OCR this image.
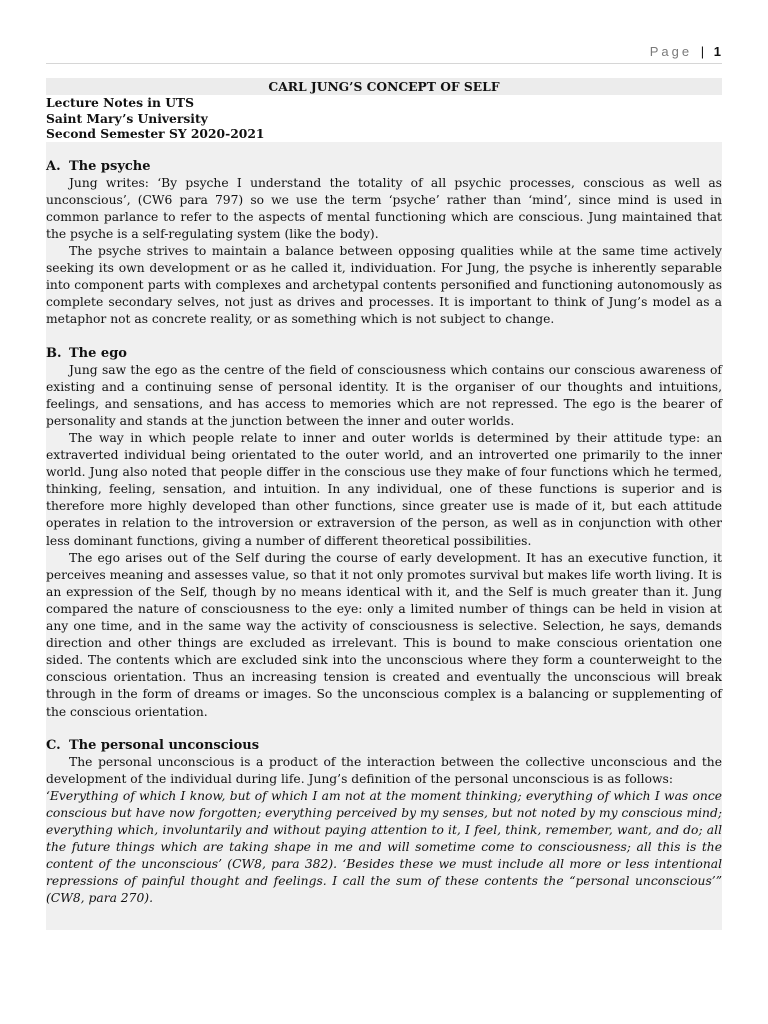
Page | 1
CARL JUNG’S CONCEPT OF SELF
Lecture Notes in UTS
Saint Mary’s University
Second Semester SY 2020-2021
A. The psyche

Jung writes: ‘By psyche I understand the totality of all psychic processes, conscious as well as unconscious’, (CW6 para 797) so we use the term ‘psyche’ rather than ‘mind’, since mind is used in common parlance to refer to the aspects of mental functioning which are conscious. Jung maintained that the psyche is a self-regulating system (like the body).

The psyche strives to maintain a balance between opposing qualities while at the same time actively seeking its own development or as he called it, individuation. For Jung, the psyche is inherently separable into component parts with complexes and archetypal contents personified and functioning autonomously as complete secondary selves, not just as drives and processes. It is important to think of Jung’s model as a metaphor not as concrete reality, or as something which is not subject to change.

B. The ego

Jung saw the ego as the centre of the field of consciousness which contains our conscious awareness of existing and a continuing sense of personal identity. It is the organiser of our thoughts and intuitions, feelings, and sensations, and has access to memories which are not repressed. The ego is the bearer of personality and stands at the junction between the inner and outer worlds.

The way in which people relate to inner and outer worlds is determined by their attitude type: an extraverted individual being orientated to the outer world, and an introverted one primarily to the inner world. Jung also noted that people differ in the conscious use they make of four functions which he termed, thinking, feeling, sensation, and intuition. In any individual, one of these functions is superior and is therefore more highly developed than other functions, since greater use is made of it, but each attitude operates in relation to the introversion or extraversion of the person, as well as in conjunction with other less dominant functions, giving a number of different theoretical possibilities.

The ego arises out of the Self during the course of early development. It has an executive function, it perceives meaning and assesses value, so that it not only promotes survival but makes life worth living. It is an expression of the Self, though by no means identical with it, and the Self is much greater than it. Jung compared the nature of consciousness to the eye: only a limited number of things can be held in vision at any one time, and in the same way the activity of consciousness is selective. Selection, he says, demands direction and other things are excluded as irrelevant. This is bound to make conscious orientation one sided. The contents which are excluded sink into the unconscious where they form a counterweight to the conscious orientation. Thus an increasing tension is created and eventually the unconscious will break through in the form of dreams or images. So the unconscious complex is a balancing or supplementing of the conscious orientation.

C. The personal unconscious

The personal unconscious is a product of the interaction between the collective unconscious and the development of the individual during life. Jung’s definition of the personal unconscious is as follows:

‘Everything of which I know, but of which I am not at the moment thinking; everything of which I was once conscious but have now forgotten; everything perceived by my senses, but not noted by my conscious mind; everything which, involuntarily and without paying attention to it, I feel, think, remember, want, and do; all the future things which are taking shape in me and will sometime come to consciousness; all this is the content of the unconscious’ (CW8, para 382). ‘Besides these we must include all more or less intentional repressions of painful thought and feelings. I call the sum of these contents the “personal unconscious’” (CW8, para 270).
